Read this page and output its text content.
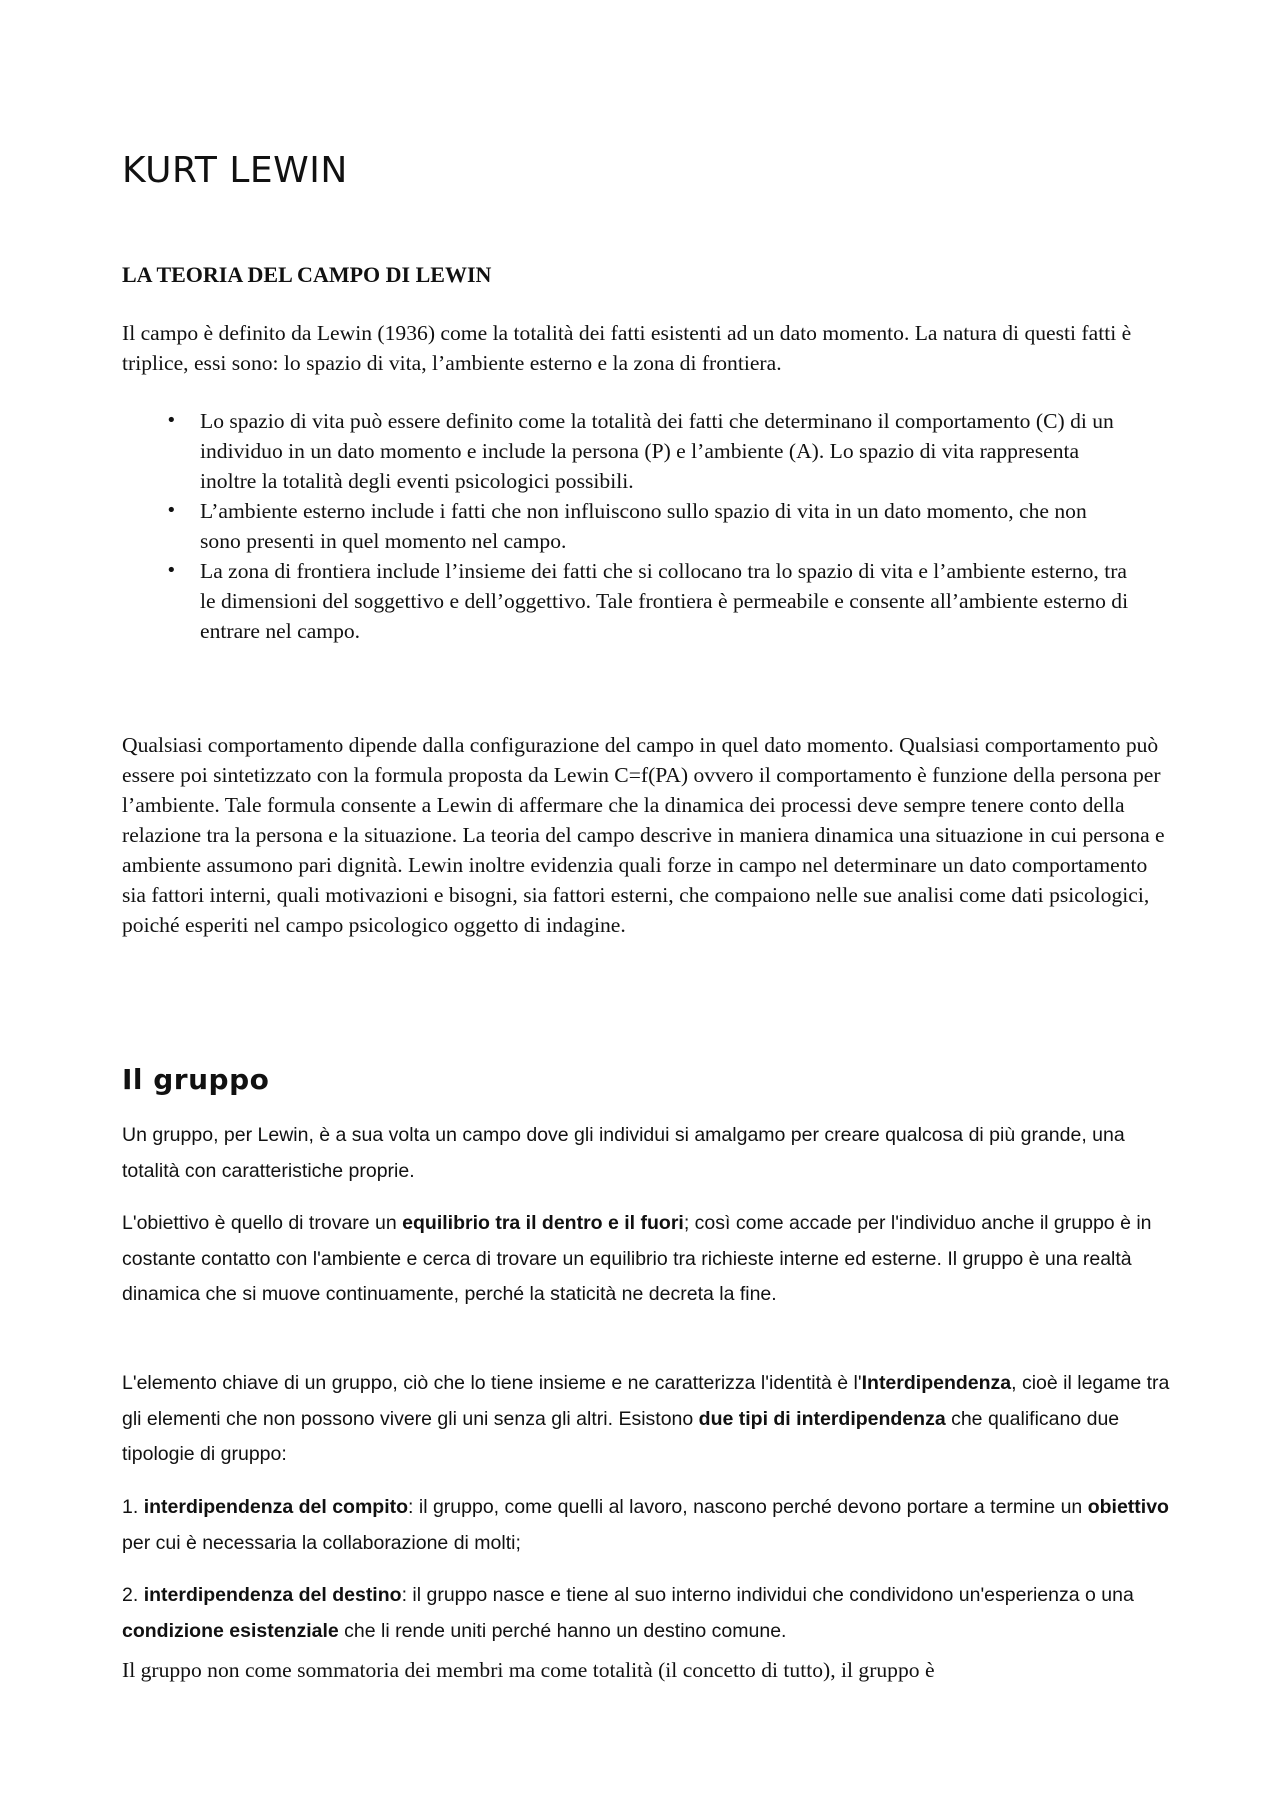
KURT LEWIN
LA TEORIA DEL CAMPO DI LEWIN

Il campo è definito da Lewin (1936) come la totalità dei fatti esistenti ad un dato momento. La natura di questi fatti è triplice, essi sono: lo spazio di vita, l’ambiente esterno e la zona di frontiera.

• Lo spazio di vita può essere definito come la totalità dei fatti che determinano il comportamento (C) di un individuo in un dato momento e include la persona (P) e l’ambiente (A). Lo spazio di vita rappresenta inoltre la totalità degli eventi psicologici possibili.
• L’ambiente esterno include i fatti che non influiscono sullo spazio di vita in un dato momento, che non sono presenti in quel momento nel campo.
• La zona di frontiera include l’insieme dei fatti che si collocano tra lo spazio di vita e l’ambiente esterno, tra le dimensioni del soggettivo e dell’oggettivo. Tale frontiera è permeabile e consente all’ambiente esterno di entrare nel campo.

Qualsiasi comportamento dipende dalla configurazione del campo in quel dato momento. Qualsiasi comportamento può essere poi sintetizzato con la formula proposta da Lewin C=f(PA) ovvero il comportamento è funzione della persona per l’ambiente. Tale formula consente a Lewin di affermare che la dinamica dei processi deve sempre tenere conto della relazione tra la persona e la situazione. La teoria del campo descrive in maniera dinamica una situazione in cui persona e ambiente assumono pari dignità. Lewin inoltre evidenzia quali forze in campo nel determinare un dato comportamento sia fattori interni, quali motivazioni e bisogni, sia fattori esterni, che compaiono nelle sue analisi come dati psicologici, poiché esperiti nel campo psicologico oggetto di indagine.

Il gruppo

Un gruppo, per Lewin, è a sua volta un campo dove gli individui si amalgamo per creare qualcosa di più grande, una totalità con caratteristiche proprie.

L'obiettivo è quello di trovare un equilibrio tra il dentro e il fuori; così come accade per l'individuo anche il gruppo è in costante contatto con l'ambiente e cerca di trovare un equilibrio tra richieste interne ed esterne. Il gruppo è una realtà dinamica che si muove continuamente, perché la staticità ne decreta la fine.

L'elemento chiave di un gruppo, ciò che lo tiene insieme e ne caratterizza l'identità è l'Interdipendenza, cioè il legame tra gli elementi che non possono vivere gli uni senza gli altri. Esistono due tipi di interdipendenza che qualificano due tipologie di gruppo:

1. interdipendenza del compito: il gruppo, come quelli al lavoro, nascono perché devono portare a termine un obiettivo per cui è necessaria la collaborazione di molti;

2. interdipendenza del destino: il gruppo nasce e tiene al suo interno individui che condividono un'esperienza o una condizione esistenziale che li rende uniti perché hanno un destino comune.

Il gruppo non come sommatoria dei membri ma come totalità (il concetto di tutto), il gruppo è
